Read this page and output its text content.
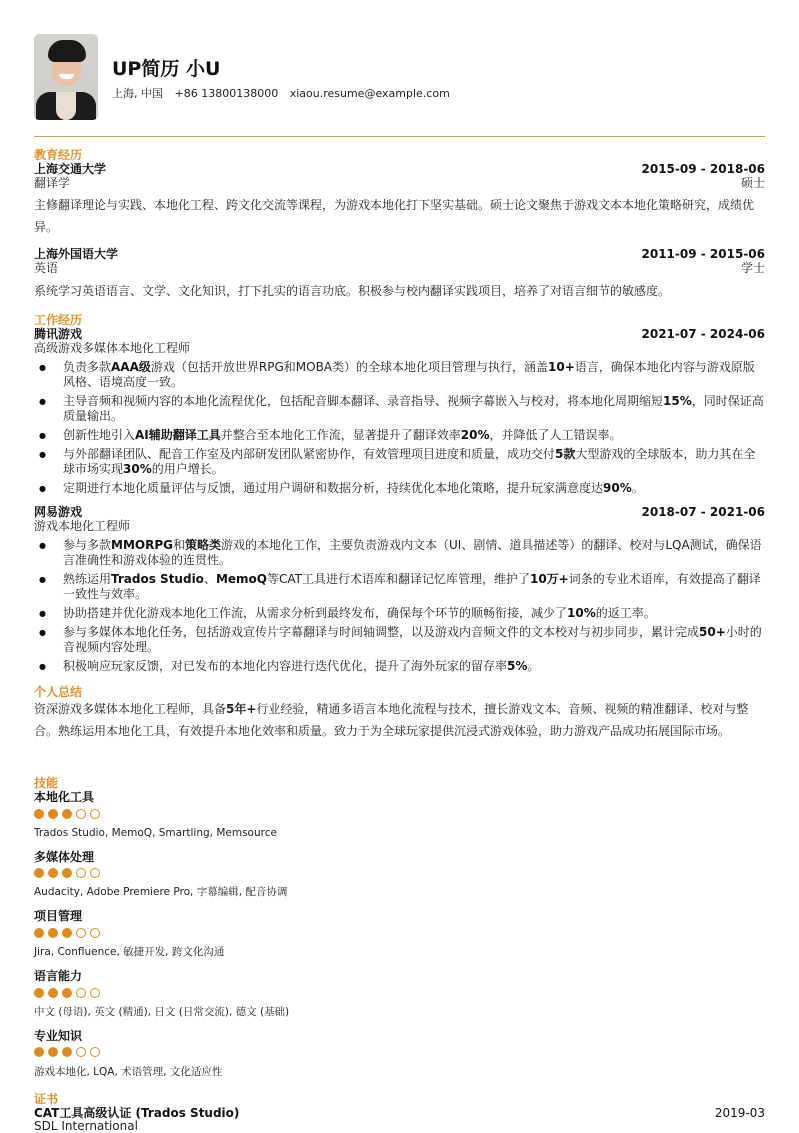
UP简历 小U
上海, 中国 +86 13800138000 xiaou.resume@example.com
教育经历
上海交通大学	2015-09 - 2018-06
翻译学	硕士
主修翻译理论与实践、本地化工程、跨文化交流等课程，为游戏本地化打下坚实基础。硕士论文聚焦于游戏文本本地化策略研究，成绩优异。
上海外国语大学	2011-09 - 2015-06
英语	学士
系统学习英语语言、文学、文化知识，打下扎实的语言功底。积极参与校内翻译实践项目，培养了对语言细节的敏感度。
工作经历
腾讯游戏	2021-07 - 2024-06
高级游戏多媒体本地化工程师
● 负责多款AAA级游戏（包括开放世界RPG和MOBA类）的全球本地化项目管理与执行，涵盖10+语言，确保本地化内容与游戏原版风格、语境高度一致。
● 主导音频和视频内容的本地化流程优化，包括配音脚本翻译、录音指导、视频字幕嵌入与校对，将本地化周期缩短15%，同时保证高质量输出。
● 创新性地引入AI辅助翻译工具并整合至本地化工作流，显著提升了翻译效率20%，并降低了人工错误率。
● 与外部翻译团队、配音工作室及内部研发团队紧密协作，有效管理项目进度和质量，成功交付5款大型游戏的全球版本，助力其在全球市场实现30%的用户增长。
● 定期进行本地化质量评估与反馈，通过用户调研和数据分析，持续优化本地化策略，提升玩家满意度达90%。
网易游戏	2018-07 - 2021-06
游戏本地化工程师
● 参与多款MMORPG和策略类游戏的本地化工作，主要负责游戏内文本（UI、剧情、道具描述等）的翻译、校对与LQA测试，确保语言准确性和游戏体验的连贯性。
● 熟练运用Trados Studio、MemoQ等CAT工具进行术语库和翻译记忆库管理，维护了10万+词条的专业术语库，有效提高了翻译一致性与效率。
● 协助搭建并优化游戏本地化工作流，从需求分析到最终发布，确保每个环节的顺畅衔接，减少了10%的返工率。
● 参与多媒体本地化任务，包括游戏宣传片字幕翻译与时间轴调整，以及游戏内音频文件的文本校对与初步同步，累计完成50+小时的音视频内容处理。
● 积极响应玩家反馈，对已发布的本地化内容进行迭代优化，提升了海外玩家的留存率5%。
个人总结
资深游戏多媒体本地化工程师，具备5年+行业经验，精通多语言本地化流程与技术，擅长游戏文本、音频、视频的精准翻译、校对与整合。熟练运用本地化工具，有效提升本地化效率和质量。致力于为全球玩家提供沉浸式游戏体验，助力游戏产品成功拓展国际市场。
技能
本地化工具
Trados Studio, MemoQ, Smartling, Memsource
多媒体处理
Audacity, Adobe Premiere Pro, 字幕编辑, 配音协调
项目管理
Jira, Confluence, 敏捷开发, 跨文化沟通
语言能力
中文 (母语), 英文 (精通), 日文 (日常交流), 德文 (基础)
专业知识
游戏本地化, LQA, 术语管理, 文化适应性
证书
CAT工具高级认证 (Trados Studio)	2019-03
SDL International
